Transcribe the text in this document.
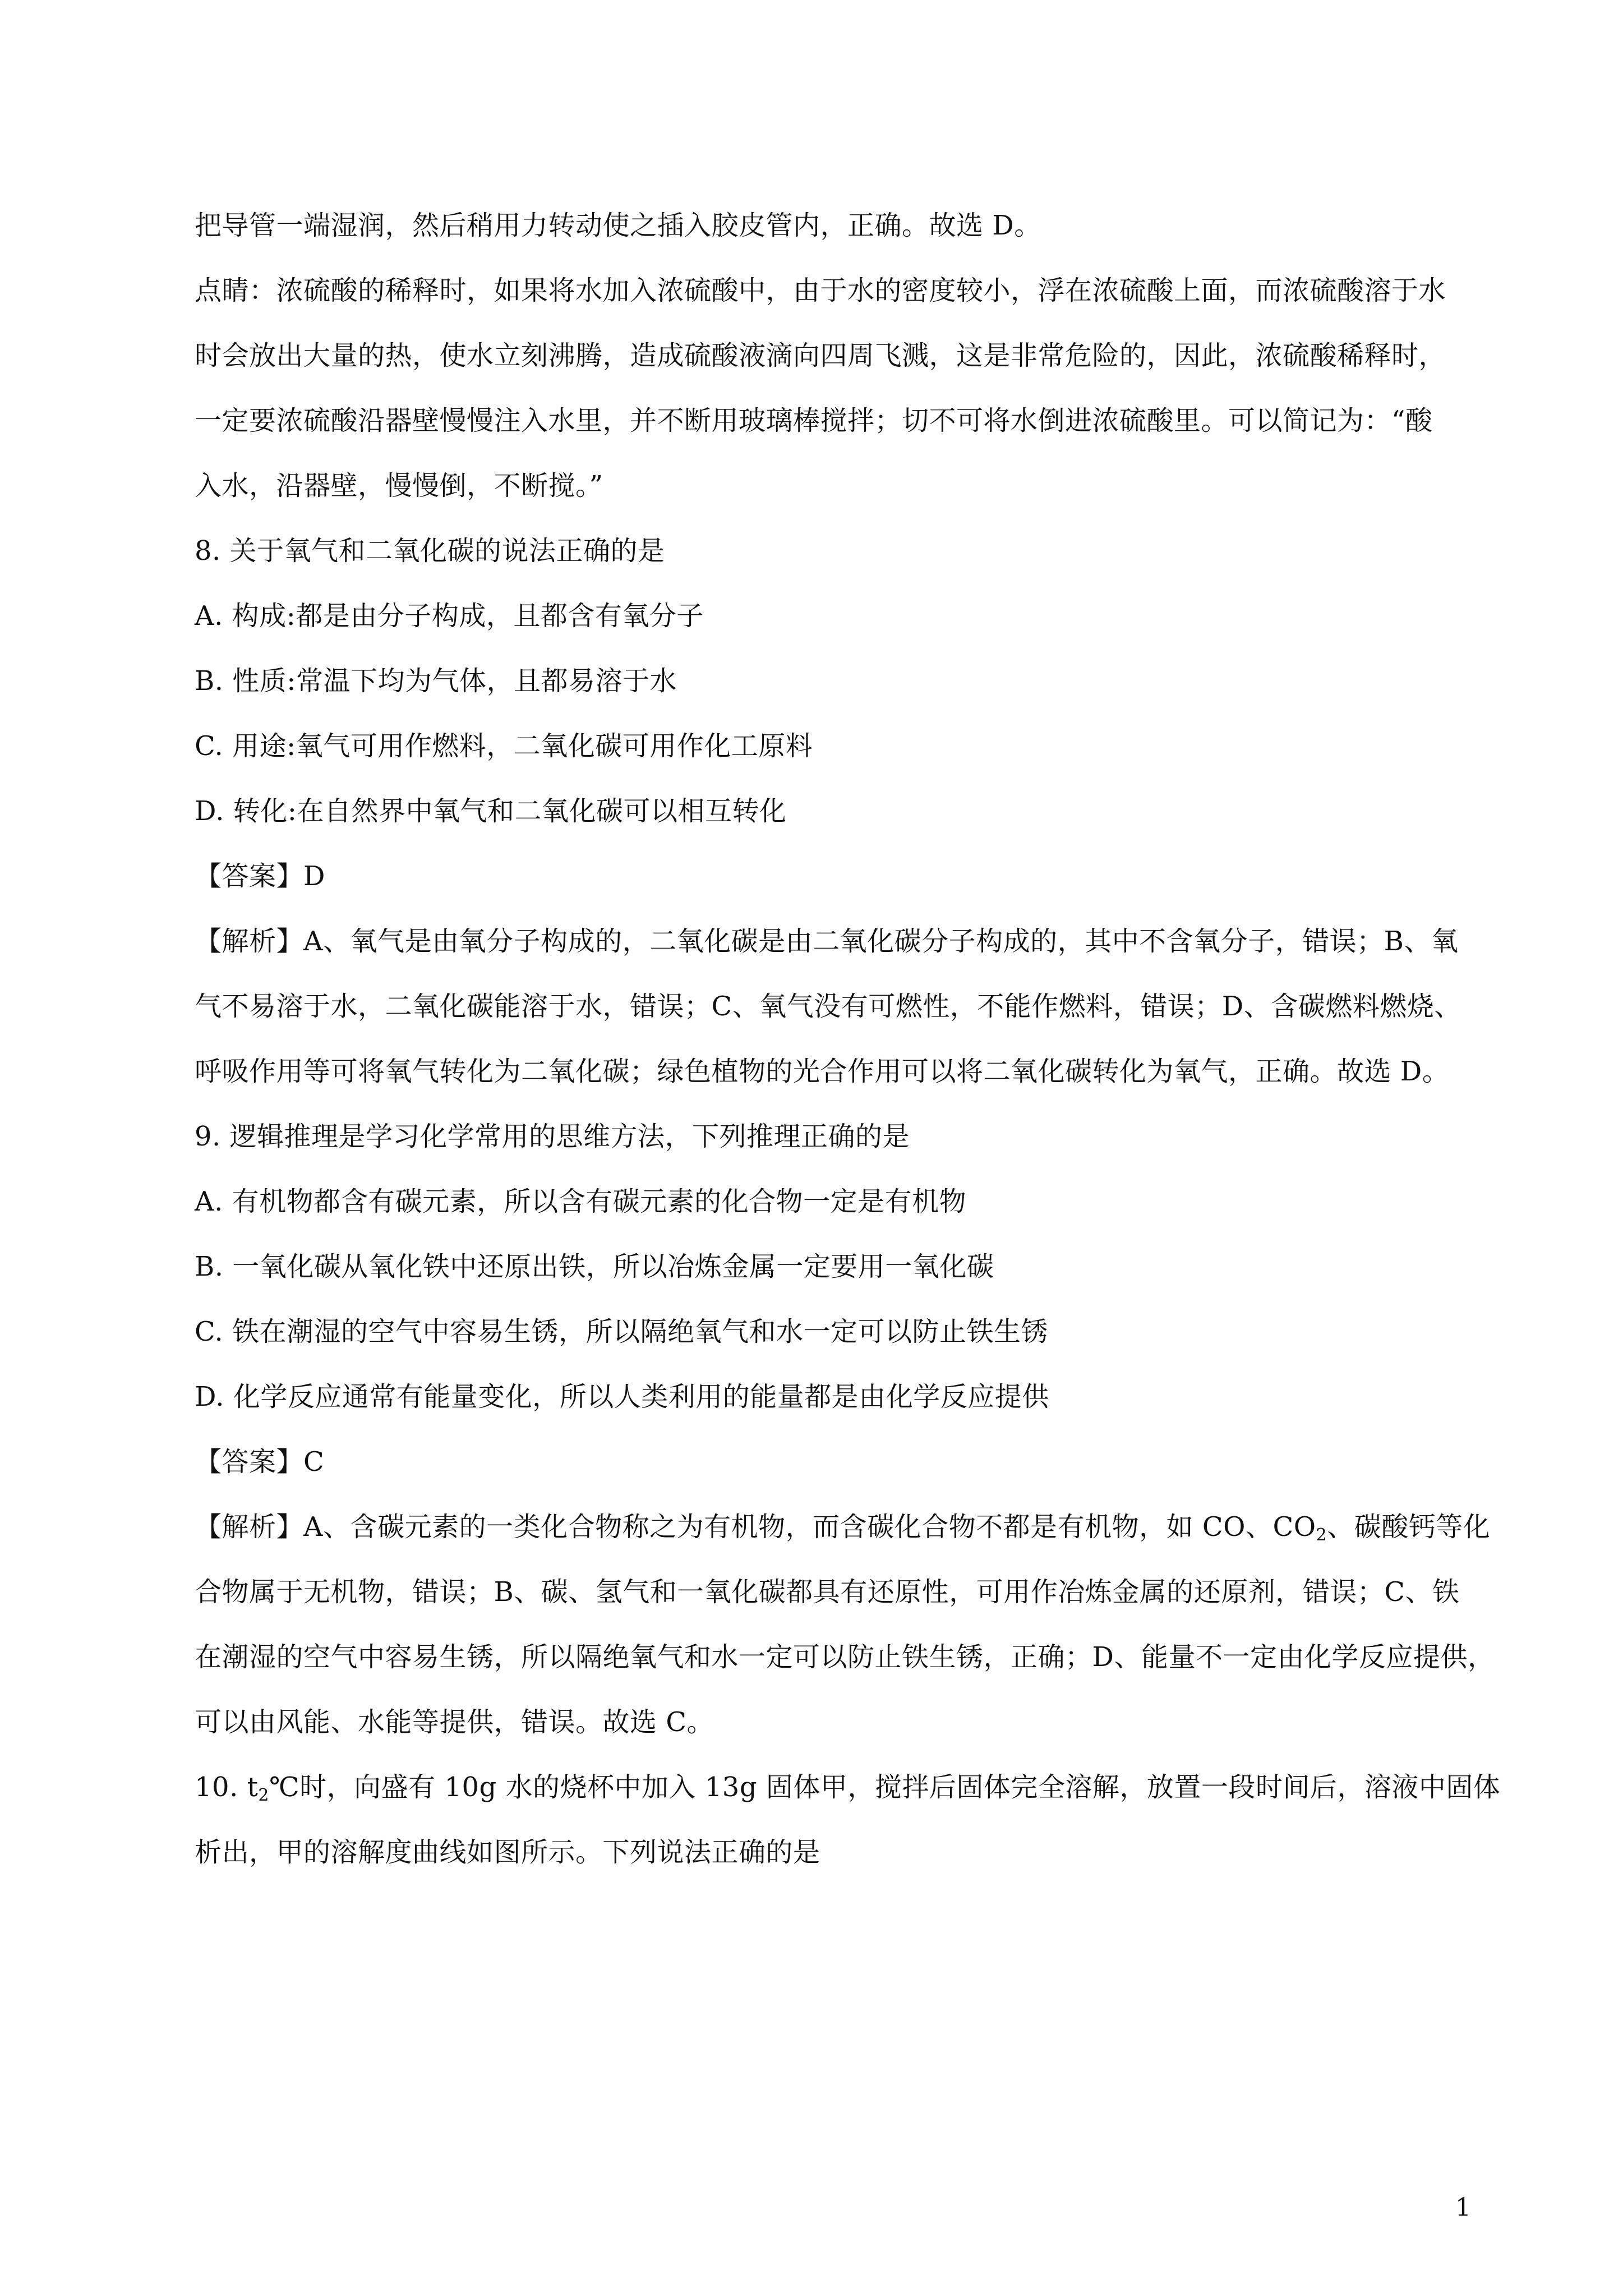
把导管一端湿润，然后稍用力转动使之插入胶皮管内，正确。故选 D。
点睛：浓硫酸的稀释时，如果将水加入浓硫酸中，由于水的密度较小，浮在浓硫酸上面，而浓硫酸溶于水
时会放出大量的热，使水立刻沸腾，造成硫酸液滴向四周飞溅，这是非常危险的，因此，浓硫酸稀释时，
一定要浓硫酸沿器壁慢慢注入水里，并不断用玻璃棒搅拌；切不可将水倒进浓硫酸里。可以简记为：“酸
入水，沿器壁，慢慢倒，不断搅。”
8. 关于氧气和二氧化碳的说法正确的是
A. 构成:都是由分子构成，且都含有氧分子
B. 性质:常温下均为气体，且都易溶于水
C. 用途:氧气可用作燃料，二氧化碳可用作化工原料
D. 转化:在自然界中氧气和二氧化碳可以相互转化
【答案】D
【解析】A、氧气是由氧分子构成的，二氧化碳是由二氧化碳分子构成的，其中不含氧分子，错误；B、氧
气不易溶于水，二氧化碳能溶于水，错误；C、氧气没有可燃性，不能作燃料，错误；D、含碳燃料燃烧、
呼吸作用等可将氧气转化为二氧化碳；绿色植物的光合作用可以将二氧化碳转化为氧气，正确。故选 D。
9. 逻辑推理是学习化学常用的思维方法，下列推理正确的是
A. 有机物都含有碳元素，所以含有碳元素的化合物一定是有机物
B. 一氧化碳从氧化铁中还原出铁，所以冶炼金属一定要用一氧化碳
C. 铁在潮湿的空气中容易生锈，所以隔绝氧气和水一定可以防止铁生锈
D. 化学反应通常有能量变化，所以人类利用的能量都是由化学反应提供
【答案】C
【解析】A、含碳元素的一类化合物称之为有机物，而含碳化合物不都是有机物，如 CO、$CO_2$、碳酸钙等化
合物属于无机物，错误；B、碳、氢气和一氧化碳都具有还原性，可用作冶炼金属的还原剂，错误；C、铁
在潮湿的空气中容易生锈，所以隔绝氧气和水一定可以防止铁生锈，正确；D、能量不一定由化学反应提供，
可以由风能、水能等提供，错误。故选 C。
10. $t_2℃$时，向盛有 10g 水的烧杯中加入 13g 固体甲，搅拌后固体完全溶解，放置一段时间后，溶液中固体
析出，甲的溶解度曲线如图所示。下列说法正确的是
1
